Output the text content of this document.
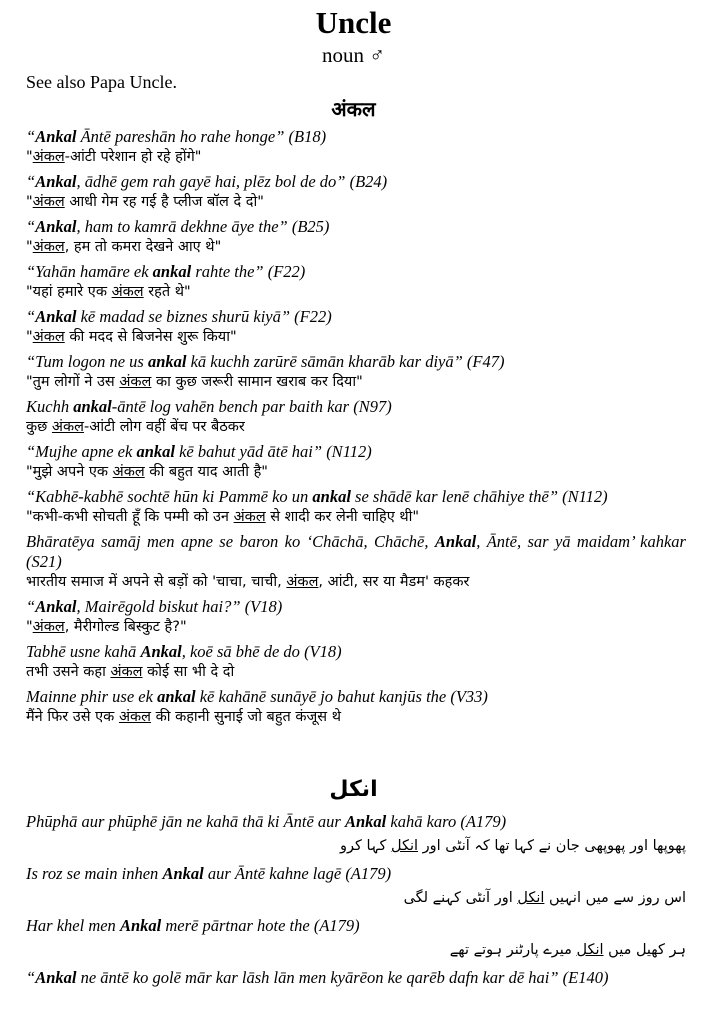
Uncle
noun ♂
See also Papa Uncle.
अंकल
“Ankal Āntē pareshān ho rahe honge” (B18)
"अंकल-आंटी परेशान हो रहे होंगे"
“Ankal, ādhē gem rah gayē hai, plēz bol de do” (B24)
"अंकल आधी गेम रह गई है प्लीज बॉल दे दो"
“Ankal, ham to kamrā dekhne āye the” (B25)
"अंकल, हम तो कमरा देखने आए थे"
“Yahān hamāre ek ankal rahte the” (F22)
"यहां हमारे एक अंकल रहते थे"
“Ankal kē madad se biznes shurū kiyā” (F22)
"अंकल की मदद से बिजनेस शुरू किया"
“Tum logon ne us ankal kā kuchh zarūrē sāmān kharāb kar diyā” (F47)
"तुम लोगों ने उस अंकल का कुछ जरूरी सामान खराब कर दिया"
Kuchh ankal-āntē log vahēn bench par baith kar (N97)
कुछ अंकल-आंटी लोग वहीं बेंच पर बैठकर
“Mujhe apne ek ankal kē bahut yād ātē hai” (N112)
"मुझे अपने एक अंकल की बहुत याद आती है"
“Kabhē-kabhē sochtē hūn ki Pammē ko un ankal se shādē kar lenē chāhiye thē” (N112)
"कभी-कभी सोचती हूँ कि पम्मी को उन अंकल से शादी कर लेनी चाहिए थी"
Bhāratēya samāj men apne se baron ko ‘Chāchā, Chāchē, Ankal, Āntē, sar yā maidam’ kahkar (S21)
भारतीय समाज में अपने से बड़ों को 'चाचा, चाची, अंकल, आंटी, सर या मैडम' कहकर
“Ankal, Mairēgold biskut hai?” (V18)
"अंकल, मैरीगोल्ड बिस्कुट है?"
Tabhē usne kahā Ankal, koē sā bhē de do (V18)
तभी उसने कहा अंकल कोई सा भी दे दो
Mainne phir use ek ankal kē kahānē sunāyē jo bahut kanjūs the (V33)
मैंने फिर उसे एक अंकल की कहानी सुनाई जो बहुत कंजूस थे
انکل
Phūphā aur phūphē jān ne kahā thā ki Āntē aur Ankal kahā karo (A179)
پھوپھا اور پھوپھی جان نے کہا تھا کہ آنٹی اور انکل کہا کرو
Is roz se main inhen Ankal aur Āntē kahne lagē (A179)
اس روز سے میں انہیں انکل اور آنٹی کہنے لگی
Har khel men Ankal merē pārtnar hote the (A179)
ہر کھیل میں انکل میرے پارٹنر ہوتے تھے
“Ankal ne āntē ko golē mār kar lāsh lān men kyārēon ke qarēb dafn kar dē hai” (E140)
